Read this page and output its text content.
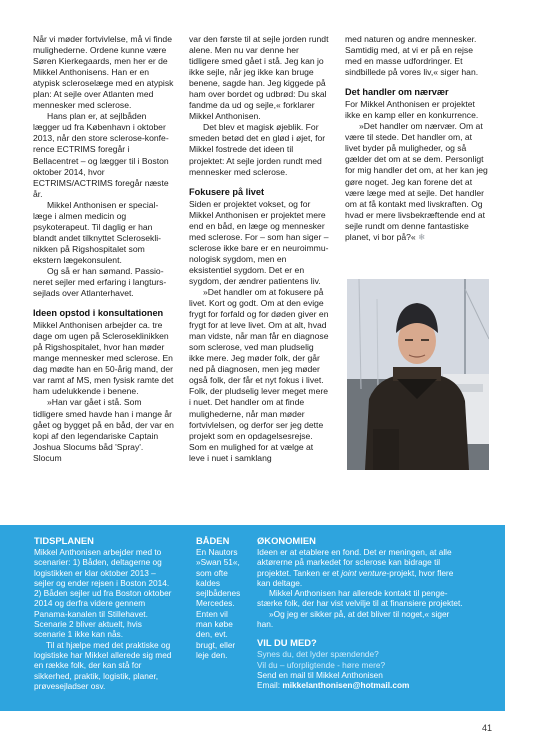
Når vi møder fortvivlelse, må vi finde mulighederne. Ordene kunne være Søren Kierkegaards, men her er de Mikkel Anthonisens. Han er en atypisk scleroselæge med en atypisk plan: At sejle over Atlanten med mennesker med sclerose.

Hans plan er, at sejlbåden lægger ud fra København i oktober 2013, når den store sclerose-konference ECTRIMS foregår i Bellacentret – og lægger til i Boston oktober 2014, hvor ECTRIMS/ACTRIMS foregår næste år.

Mikkel Anthonisen er speciallæge i almen medicin og psykoterapeut. Til daglig er han blandt andet tilknyttet Scleroseklinikken på Rigshospitalet som ekstern lægekonsulent.

Og så er han sømand. Passioneret sejler med erfaring i langturssejlads over Atlanterhavet.

Ideen opstod i konsultationen

Mikkel Anthonisen arbejder ca. tre dage om ugen på Scleroseklinikken på Rigshospitalet, hvor han møder mange mennesker med sclerose. En dag mødte han en 50-årig mand, der var ramt af MS, men fysisk ramte det ham udelukkende i benene.

»Han var gået i stå. Som tidligere smed havde han i mange år gået og bygget på en båd, der var en kopi af den legendariske Captain Joshua Slocums båd 'Spray'. Slocum

var den første til at sejle jorden rundt alene. Men nu var denne her tidligere smed gået i stå. Jeg kan jo ikke sejle, når jeg ikke kan bruge benene, sagde han. Jeg kiggede på ham over bordet og udbrød: Du skal fandme da ud og sejle,« forklarer Mikkel Anthonisen.

Det blev et magisk øjeblik. For smeden betød det en glød i øjet, for Mikkel fostrede det ideen til projektet: At sejle jorden rundt med mennesker med sclerose.

Fokusere på livet

Siden er projektet vokset, og for Mikkel Anthonisen er projektet mere end en båd, en læge og mennesker med sclerose. For – som han siger – sclerose ikke bare er en neuroimmunologisk sygdom, men en eksistentiel sygdom. Det er en sygdom, der ændrer patientens liv.

»Det handler om at fokusere på livet. Kort og godt. Om at den evige frygt for forfald og for døden giver en frygt for at leve livet. Om at alt, hvad man vidste, når man får en diagnose som sclerose, ved man pludselig ikke mere. Jeg møder folk, der går ned på diagnosen, men jeg møder også folk, der får et nyt fokus i livet. Folk, der pludselig lever meget mere i nuet. Det handler om at finde mulighederne, når man møder fortvivlelsen, og derfor ser jeg dette projekt som en opdagelsesrejse. Som en mulighed for at vælge at leve i nuet i samklang

med naturen og andre mennesker. Samtidig med, at vi er på en rejse med en masse udfordringer. Et sindbillede på vores liv,« siger han.

Det handler om nærvær

For Mikkel Anthonisen er projektet ikke en kamp eller en konkurrence.

»Det handler om nærvær. Om at være til stede. Det handler om, at livet byder på muligheder, og så gælder det om at se dem. Personligt for mig handler det om, at her kan jeg gøre noget. Jeg kan forene det at være læge med at sejle. Det handler om at få kontakt med livskraften. Og hvad er mere livsbekræftende end at sejle rundt om denne fantastiske planet, vi bor på?« ❄

TIDSPLANEN

Mikkel Anthonisen arbejder med to scenarier: 1) Båden, deltagerne og logistikken er klar oktober 2013 – sejler og ender rejsen i Boston 2014. 2) Båden sejler ud fra Boston oktober 2014 og derfra videre gennem Panama-kanalen til Stillehavet. Scenarie 2 bliver aktuelt, hvis scenarie 1 ikke kan nås.

Til at hjælpe med det praktiske og logistiske har Mikkel allerede sig med en række folk, der kan stå for sikkerhed, praktik, logistik, planer, prøvesejladser osv.

BÅDEN

En Nautors »Swan 51«, som ofte kaldes sejlbådenes Mercedes. Enten vil man købe den, evt. brugt, eller leje den.

ØKONOMIEN

Ideen er at etablere en fond. Det er meningen, at alle aktørerne på markedet for sclerose kan bidrage til projektet. Tanken er et joint venture-projekt, hvor flere kan deltage.

Mikkel Anthonisen har allerede kontakt til pengestærke folk, der har vist velvilje til at finansiere projektet.

»Og jeg er sikker på, at det bliver til noget,« siger han.

VIL DU MED?

Synes du, det lyder spændende?

Vil du – uforpligtende - høre mere?

Send en mail til Mikkel Anthonisen

Email: mikkelanthonisen@hotmail.com

41
